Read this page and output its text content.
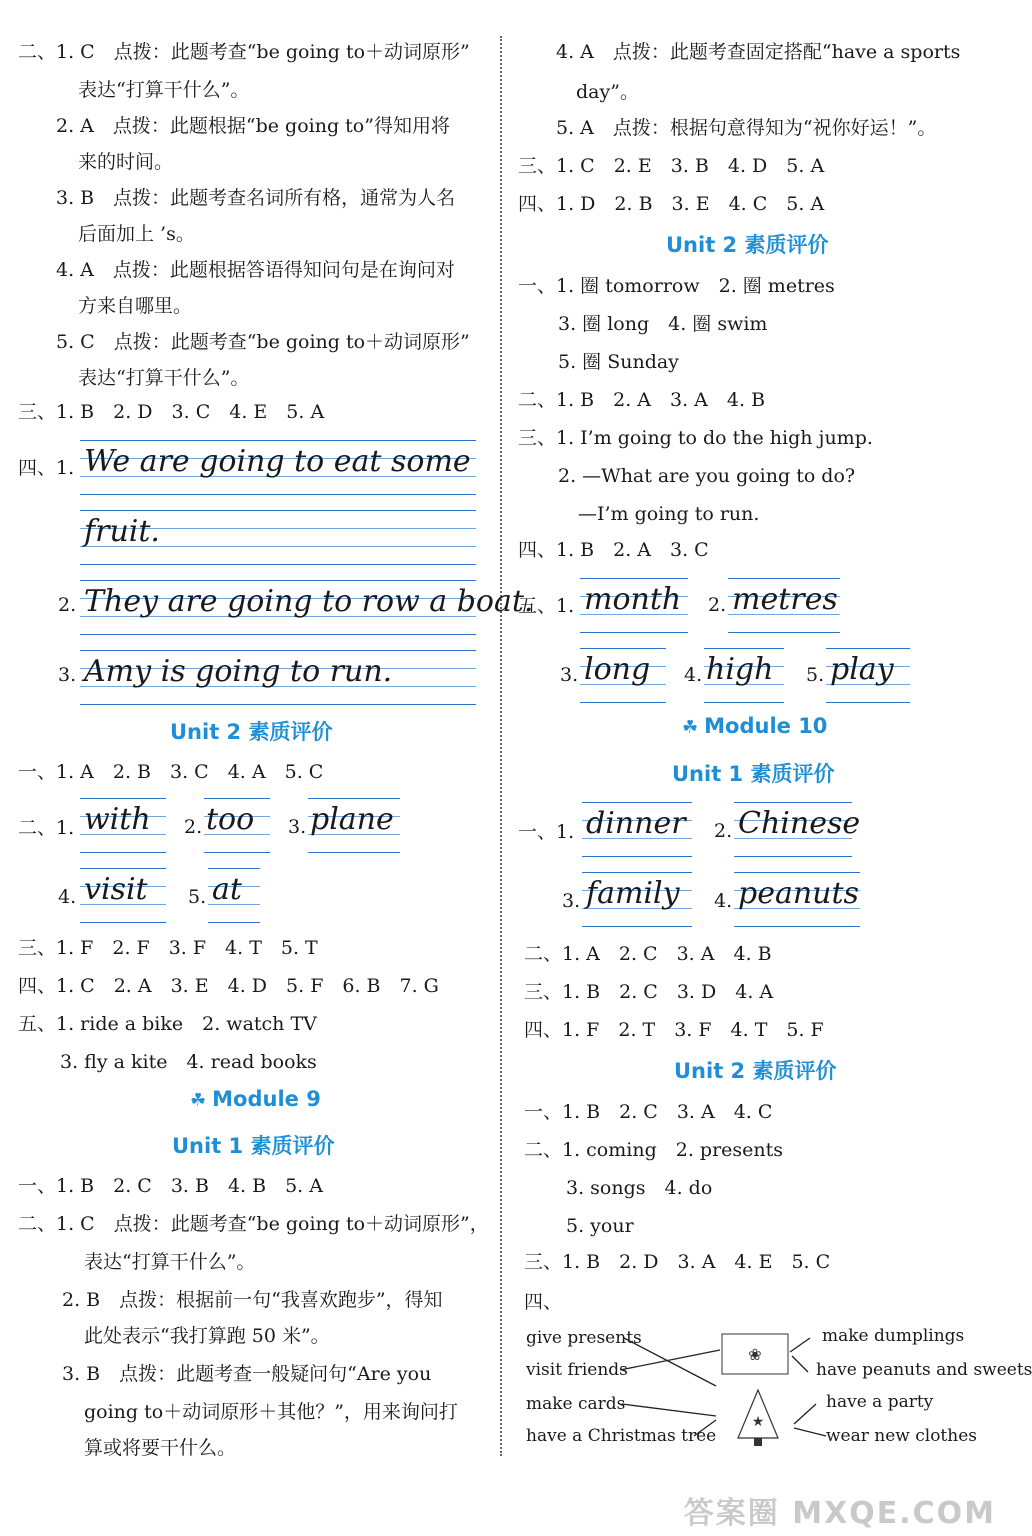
二、1. C　点拨：此题考查“be going to＋动词原形”
表达“打算干什么”。
2. A　点拨：此题根据“be going to”得知用将
来的时间。
3. B　点拨：此题考查名词所有格，通常为人名
后面加上 ’s。
4. A　点拨：此题根据答语得知问句是在询问对
方来自哪里。
5. C　点拨：此题考查“be going to＋动词原形”
表达“打算干什么”。
三、1. B　2. D　3. C　4. E　5. A
四、1. We are going to eat some
fruit.
2. They are going to row a boat.
3. Amy is going to run.
Unit 2 素质评价
一、1. A　2. B　3. C　4. A　5. C
二、1. with 2. too 3. plane
4. visit 5. at
三、1. F　2. F　3. F　4. T　5. T
四、1. C　2. A　3. E　4. D　5. F　6. B　7. G
五、1. ride a bike　2. watch TV
3. fly a kite　4. read books
☘ Module 9
Unit 1 素质评价
一、1. B　2. C　3. B　4. B　5. A
二、1. C　点拨：此题考查“be going to＋动词原形”，
表达“打算干什么”。
2. B　点拨：根据前一句“我喜欢跑步”，得知
此处表示“我打算跑 50 米”。
3. B　点拨：此题考查一般疑问句“Are you
going to＋动词原形＋其他？”，用来询问打
算或将要干什么。
4. A　点拨：此题考查固定搭配“have a sports
day”。
5. A　点拨：根据句意得知为“祝你好运！”。
三、1. C　2. E　3. B　4. D　5. A
四、1. D　2. B　3. E　4. C　5. A
Unit 2 素质评价
一、1. 圈 tomorrow　2. 圈 metres
3. 圈 long　4. 圈 swim
5. 圈 Sunday
二、1. B　2. A　3. A　4. B
三、1. I’m going to do the high jump.
2. —What are you going to do?
—I’m going to run.
四、1. B　2. A　3. C
五、1. month 2. metres
3. long 4. high 5. play
☘ Module 10
Unit 1 素质评价
一、1. dinner 2. Chinese
3. family 4. peanuts
二、1. A　2. C　3. A　4. B
三、1. B　2. C　3. D　4. A
四、1. F　2. T　3. F　4. T　5. F
Unit 2 素质评价
一、1. B　2. C　3. A　4. C
二、1. coming　2. presents
3. songs　4. do
5. your
三、1. B　2. D　3. A　4. E　5. C
四、
give presents
visit friends
make cards
have a Christmas tree
make dumplings
have peanuts and sweets
have a party
wear new clothes
❀
★
答案圈 MXQE.COM
